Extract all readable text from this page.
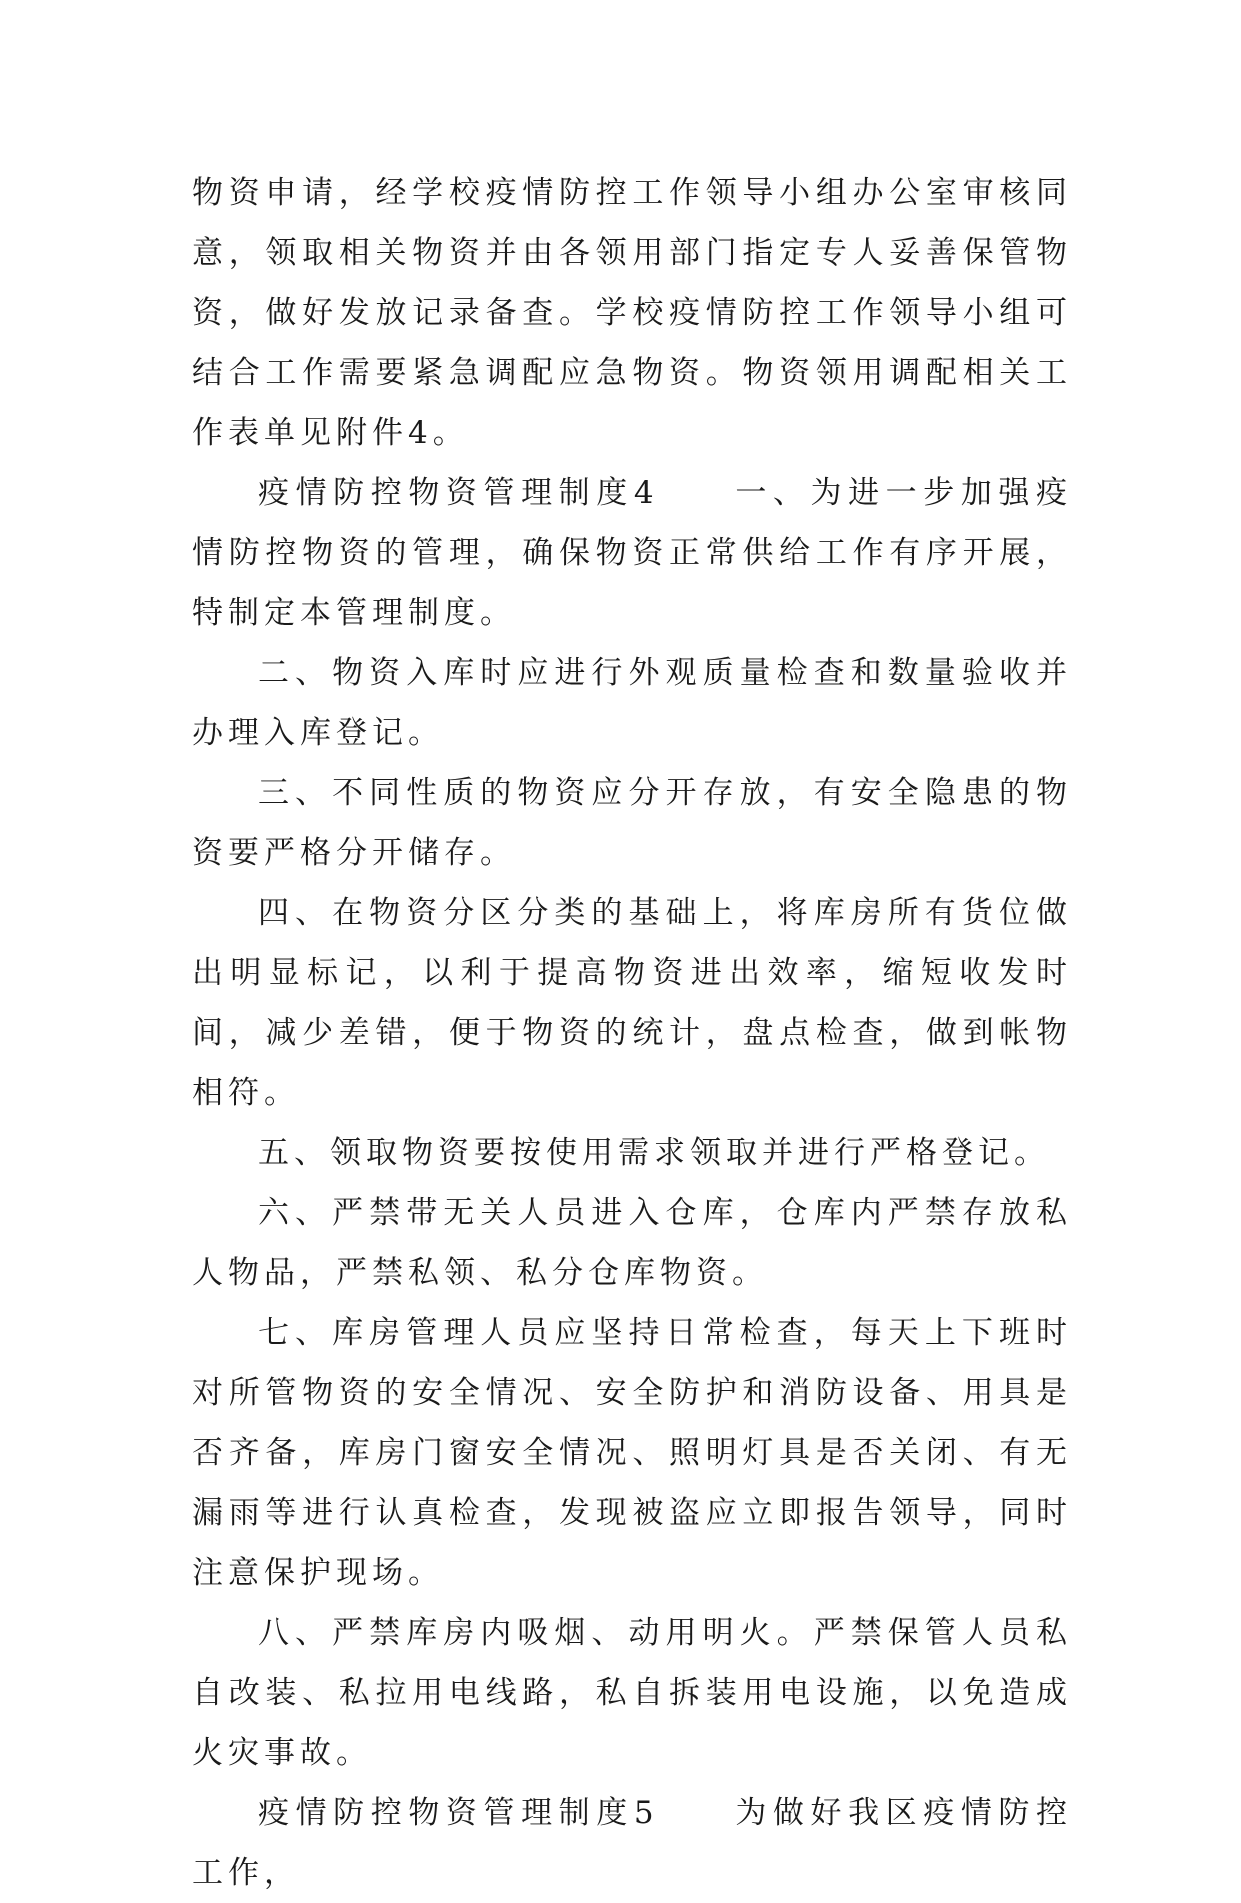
物资申请，经学校疫情防控工作领导小组办公室审核同意，领取相关物资并由各领用部门指定专人妥善保管物资，做好发放记录备查。学校疫情防控工作领导小组可结合工作需要紧急调配应急物资。物资领用调配相关工作表单见附件4。

疫情防控物资管理制度4　　一、为进一步加强疫情防控物资的管理，确保物资正常供给工作有序开展，特制定本管理制度。

二、物资入库时应进行外观质量检查和数量验收并办理入库登记。

三、不同性质的物资应分开存放，有安全隐患的物资要严格分开储存。

四、在物资分区分类的基础上，将库房所有货位做出明显标记，以利于提高物资进出效率，缩短收发时间，减少差错，便于物资的统计，盘点检查，做到帐物相符。

五、领取物资要按使用需求领取并进行严格登记。

六、严禁带无关人员进入仓库，仓库内严禁存放私人物品，严禁私领、私分仓库物资。

七、库房管理人员应坚持日常检查，每天上下班时对所管物资的安全情况、安全防护和消防设备、用具是否齐备，库房门窗安全情况、照明灯具是否关闭、有无漏雨等进行认真检查，发现被盗应立即报告领导，同时注意保护现场。

八、严禁库房内吸烟、动用明火。严禁保管人员私自改装、私拉用电线路，私自拆装用电设施，以免造成火灾事故。

疫情防控物资管理制度5　　为做好我区疫情防控工作，
